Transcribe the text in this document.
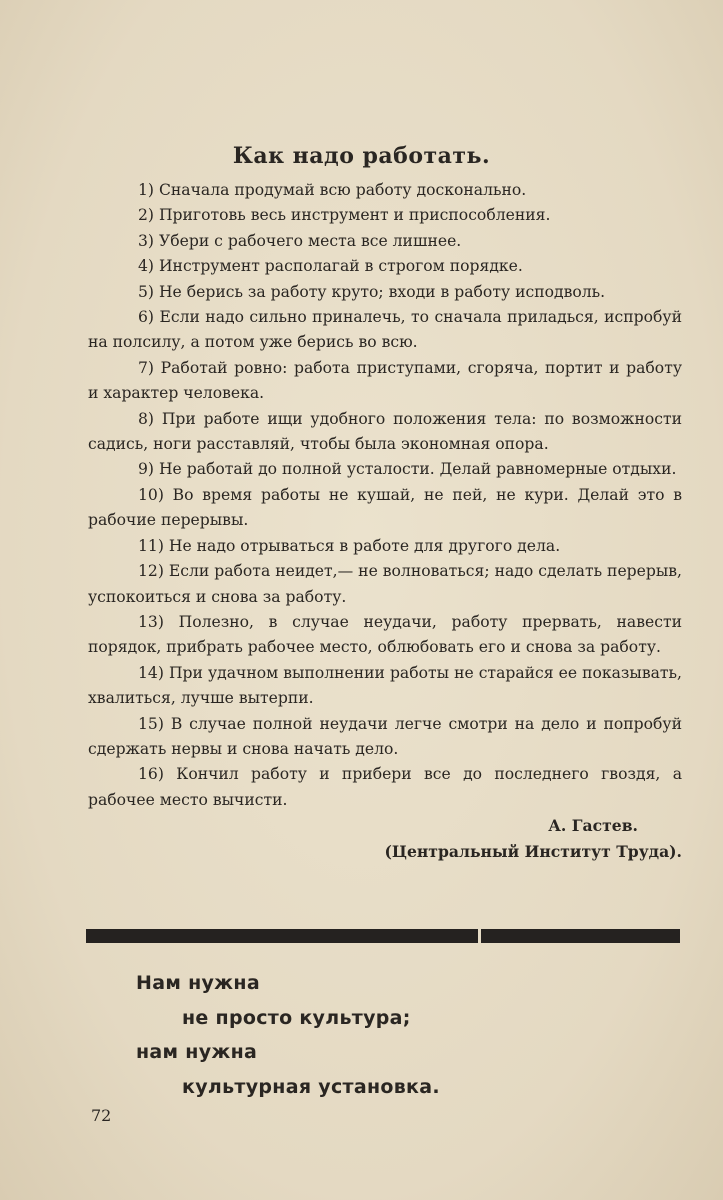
Как надо работать.

1) Сначала продумай всю работу досконально.

2) Приготовь весь инструмент и приспособления.

3) Убери с рабочего места все лишнее.

4) Инструмент располагай в строгом порядке.

5) Не берись за работу круто; входи в работу исподволь.

6) Если надо сильно приналечь, то сначала приладься, испробуй на полсилу, а потом уже берись во всю.

7) Работай ровно: работа приступами, сгоряча, портит и работу и характер человека.

8) При работе ищи удобного положения тела: по возможности садись, ноги расставляй, чтобы была экономная опора.

9) Не работай до полной усталости. Делай равномерные отдыхи.

10) Во время работы не кушай, не пей, не кури. Делай это в рабочие перерывы.

11) Не надо отрываться в работе для другого дела.

12) Если работа неидет,— не волноваться; надо сделать перерыв, успокоиться и снова за работу.

13) Полезно, в случае неудачи, работу прервать, навести порядок, прибрать рабочее место, облюбовать его и снова за работу.

14) При удачном выполнении работы не старайся ее показывать, хвалиться, лучше вытерпи.

15) В случае полной неудачи легче смотри на дело и попробуй сдержать нервы и снова начать дело.

16) Кончил работу и прибери все до последнего гвоздя, а рабочее место вычисти.

А. Гастев.

(Центральный Институт Труда).

Нам нужна
не просто культура;
нам нужна
культурная установка.
72
